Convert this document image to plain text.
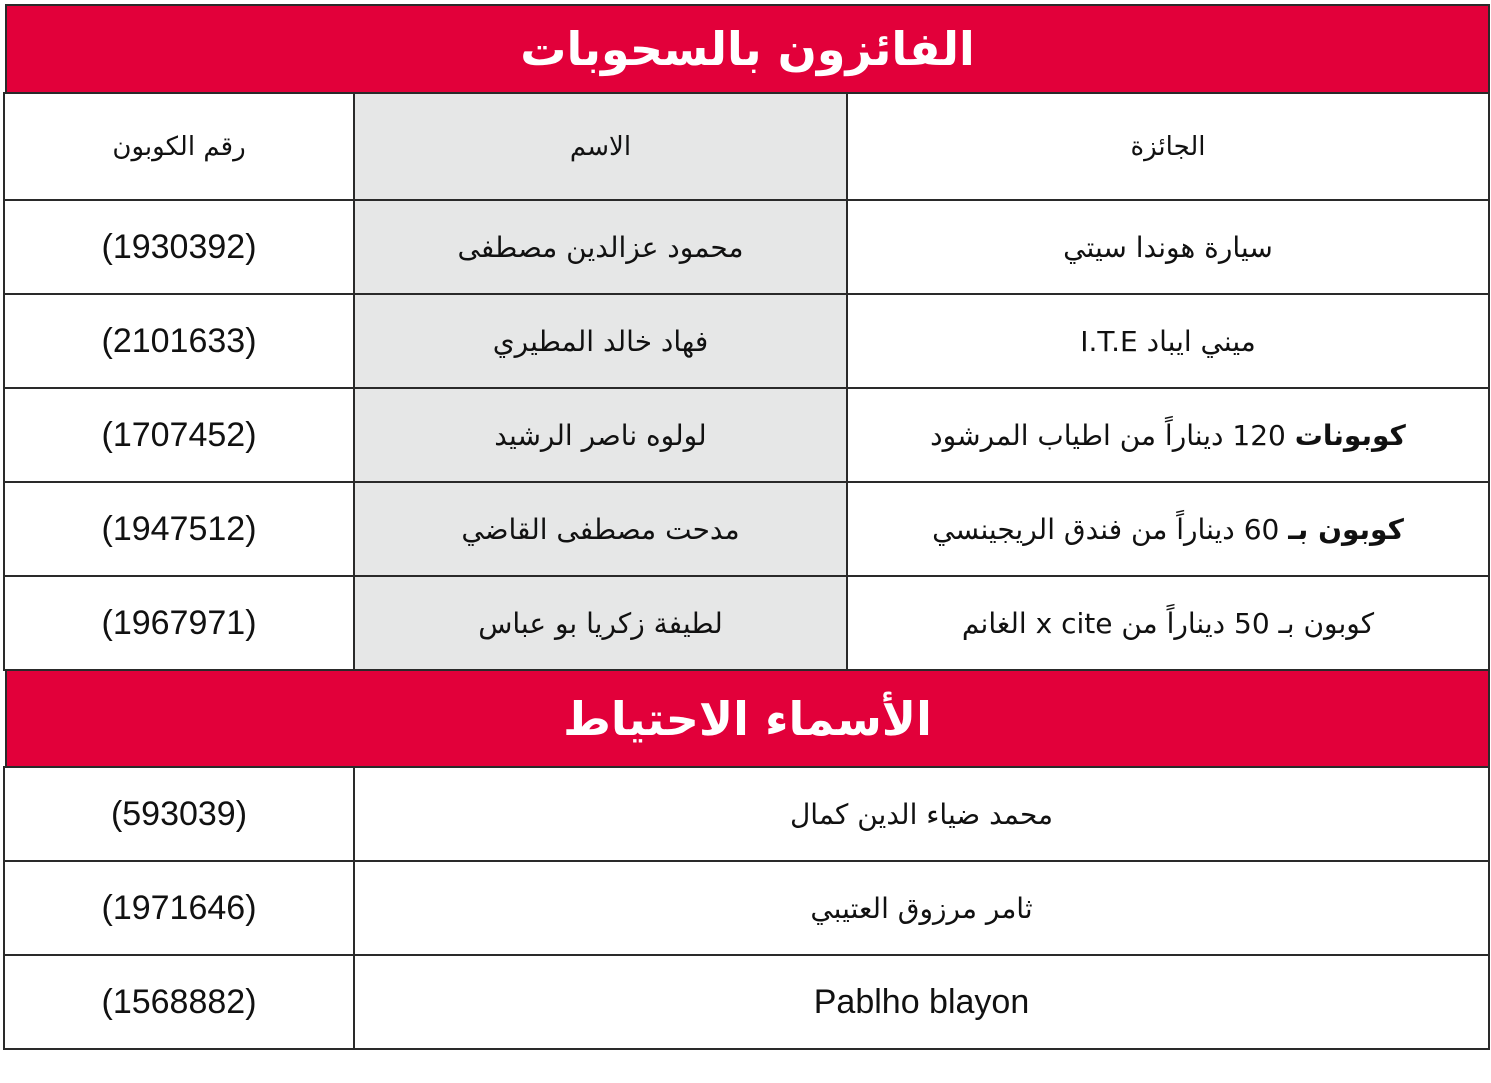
الفائزون بالسحوبات
الجائزة	الاسم	رقم الكوبون
سيارة هوندا سيتي	محمود عزالدين مصطفى	(1930392)
ميني ايباد I.T.E	فهاد خالد المطيري	(2101633)
كوبونات 120 ديناراً من اطياب المرشود	لولوه ناصر الرشيد	(1707452)
كوبون بـ 60 ديناراً من فندق الريجينسي	مدحت مصطفى القاضي	(1947512)
كوبون بـ 50 ديناراً من x cite الغانم	لطيفة زكريا بو عباس	(1967971)
الأسماء الاحتياط
محمد ضياء الدين كمال	(593039)
ثامر مرزوق العتيبي	(1971646)
Pablho blayon	(1568882)
